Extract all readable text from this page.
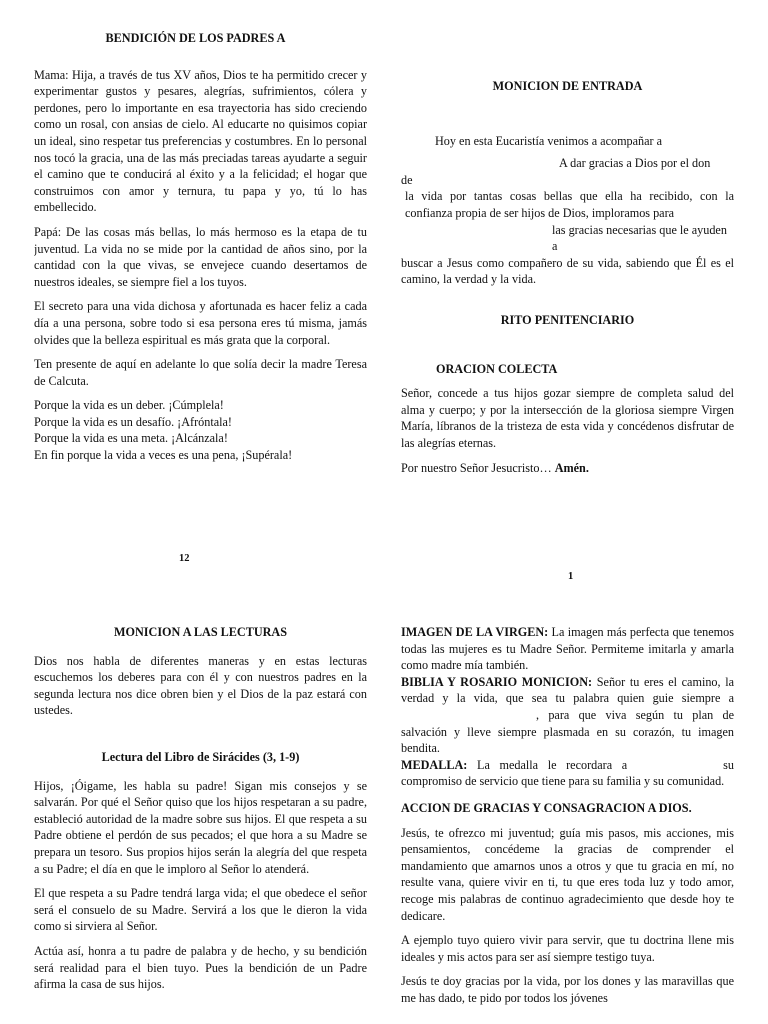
BENDICIÓN DE LOS PADRES A

Mama: Hija, a través de tus XV años, Dios te ha permitido crecer y experimentar gustos y pesares, alegrías, sufrimientos, cólera y perdones, pero lo importante en esa trayectoria has sido creciendo como un rosal, con ansias de cielo. Al educarte no quisimos copiar un ideal, sino respetar tus preferencias y costumbres. En lo personal nos tocó la gracia, una de las más preciadas tareas ayudarte a seguir el camino que te conducirá al éxito y a la felicidad; el hogar que construimos con amor y ternura, tu papa y yo, tú lo has embellecido.

Papá: De las cosas más bellas, lo más hermoso es la etapa de tu juventud. La vida no se mide por la cantidad de años sino, por la cantidad con la que vivas, se envejece cuando desertamos de nuestros ideales, se siempre fiel a los tuyos.

El secreto para una vida dichosa y afortunada es hacer feliz a cada día a una persona, sobre todo si esa persona eres tú misma, jamás olvides que la belleza espiritual es más grata que la corporal.

Ten presente de aquí en adelante lo que solía decir la madre Teresa de Calcuta.

Porque la vida es un deber. ¡Cúmplela!
Porque la vida es un desafío. ¡Afróntala!
Porque la vida es una meta. ¡Alcánzala!
En fin porque la vida a veces es una pena, ¡Supérala!
12
MONICION DE ENTRADA
Hoy en esta Eucaristía venimos a acompañar a
A dar gracias a Dios por el don
de

la vida por tantas cosas bellas que ella ha recibido, con la confianza propia de ser hijos de Dios, imploramos para

las gracias necesarias que le ayuden a

buscar a Jesus como compañero de su vida, sabiendo que Él es el camino, la verdad y la vida.

RITO PENITENCIARIO
ORACION COLECTA

Señor, concede a tus hijos gozar siempre de completa salud del alma y cuerpo; y por la intersección de la gloriosa siempre Virgen María, líbranos de la tristeza de esta vida y concédenos disfrutar de las alegrías eternas.

Por nuestro Señor Jesucristo… Amén.

1
MONICION A LAS LECTURAS

Dios nos habla de diferentes maneras y en estas lecturas escuchemos los deberes para con él y con nuestros padres en la segunda lectura nos dice obren bien y el Dios de la paz estará con ustedes.

Lectura del Libro de Sirácides (3, 1-9)

Hijos, ¡Óigame, les habla su padre! Sigan mis consejos y se salvarán. Por qué el Señor quiso que los hijos respetaran a su padre, estableció autoridad de la madre sobre sus hijos. El que respeta a su Padre obtiene el perdón de sus pecados; el que hora a su Madre se prepara un tesoro. Sus propios hijos serán la alegría del que respeta a su Padre; el día en que le imploro al Señor lo atenderá.

El que respeta a su Padre tendrá larga vida; el que obedece el señor será el consuelo de su Madre. Servirá a los que le dieron la vida como si sirviera al Señor.

Actúa así, honra a tu padre de palabra y de hecho, y su bendición será realidad para el bien tuyo. Pues la bendición de un Padre afirma la casa de sus hijos.

IMAGEN DE LA VIRGEN: La imagen más perfecta que tenemos todas las mujeres es tu Madre Señor. Permiteme imitarla y amarla como madre mía también.

BIBLIA Y ROSARIO MONICION: Señor tu eres el camino, la verdad y la vida, que sea tu palabra quien guie siempre a, para que viva según tu plan de salvación y lleve siempre plasmada en su corazón, tu imagen bendita.

MEDALLA: La medalla le recordara a	su compromiso de servicio que tiene para su familia y su comunidad.

ACCION DE GRACIAS Y CONSAGRACION A DIOS.

Jesús, te ofrezco mi juventud; guía mis pasos, mis acciones, mis pensamientos, concédeme la gracias de comprender el mandamiento que amarnos unos a otros y que tu gracia en mí, no resulte vana, quiere vivir en ti, tu que eres toda luz y todo amor, recoge mis palabras de continuo agradecimiento que desde hoy te dedicare.

A ejemplo tuyo quiero vivir para servir, que tu doctrina llene mis ideales y mis actos para ser así siempre testigo tuya.

Jesús te doy gracias por la vida, por los dones y las maravillas que me has dado, te pido por todos los jóvenes
